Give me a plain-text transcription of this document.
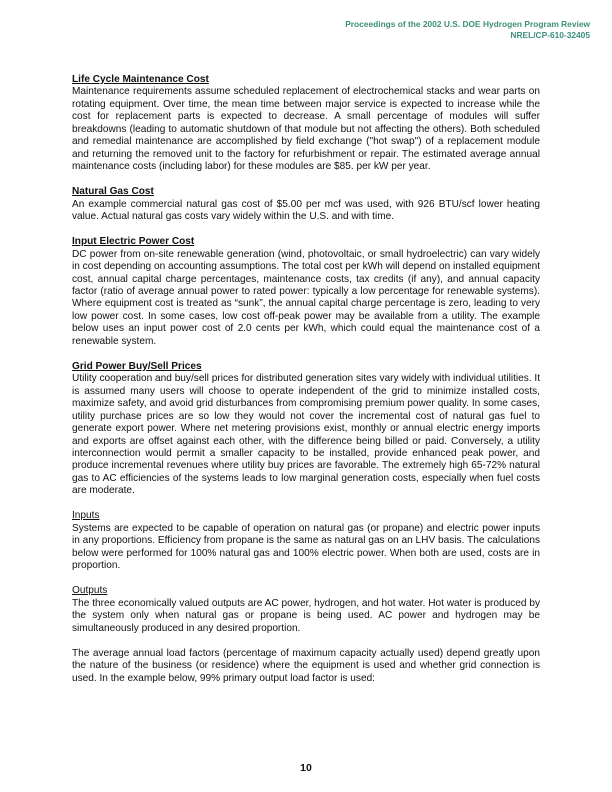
Proceedings of the 2002 U.S. DOE Hydrogen Program Review
NREL/CP-610-32405
Life Cycle Maintenance Cost
Maintenance requirements assume scheduled replacement of electrochemical stacks and wear parts on rotating equipment. Over time, the mean time between major service is expected to increase while the cost for replacement parts is expected to decrease. A small percentage of modules will suffer breakdowns (leading to automatic shutdown of that module but not affecting the others). Both scheduled and remedial maintenance are accomplished by field exchange ("hot swap") of a replacement module and returning the removed unit to the factory for refurbishment or repair. The estimated average annual maintenance costs (including labor) for these modules are $85. per kW per year.
Natural Gas Cost
An example commercial natural gas cost of $5.00 per mcf was used, with 926 BTU/scf lower heating value. Actual natural gas costs vary widely within the U.S. and with time.
Input Electric Power Cost
DC power from on-site renewable generation (wind, photovoltaic, or small hydroelectric) can vary widely in cost depending on accounting assumptions. The total cost per kWh will depend on installed equipment cost, annual capital charge percentages, maintenance costs, tax credits (if any), and annual capacity factor (ratio of average annual power to rated power: typically a low percentage for renewable systems). Where equipment cost is treated as “sunk”, the annual capital charge percentage is zero, leading to very low power cost. In some cases, low cost off-peak power may be available from a utility. The example below uses an input power cost of 2.0 cents per kWh, which could equal the maintenance cost of a renewable system.
Grid Power Buy/Sell Prices
Utility cooperation and buy/sell prices for distributed generation sites vary widely with individual utilities. It is assumed many users will choose to operate independent of the grid to minimize installed costs, maximize safety, and avoid grid disturbances from compromising premium power quality. In some cases, utility purchase prices are so low they would not cover the incremental cost of natural gas fuel to generate export power. Where net metering provisions exist, monthly or annual electric energy imports and exports are offset against each other, with the difference being billed or paid. Conversely, a utility interconnection would permit a smaller capacity to be installed, provide enhanced peak power, and produce incremental revenues where utility buy prices are favorable. The extremely high 65-72% natural gas to AC efficiencies of the systems leads to low marginal generation costs, especially when fuel costs are moderate.
Inputs
Systems are expected to be capable of operation on natural gas (or propane) and electric power inputs in any proportions. Efficiency from propane is the same as natural gas on an LHV basis. The calculations below were performed for 100% natural gas and 100% electric power. When both are used, costs are in proportion.
Outputs
The three economically valued outputs are AC power, hydrogen, and hot water. Hot water is produced by the system only when natural gas or propane is being used. AC power and hydrogen may be simultaneously produced in any desired proportion.
The average annual load factors (percentage of maximum capacity actually used) depend greatly upon the nature of the business (or residence) where the equipment is used and whether grid connection is used. In the example below, 99% primary output load factor is used:
10
